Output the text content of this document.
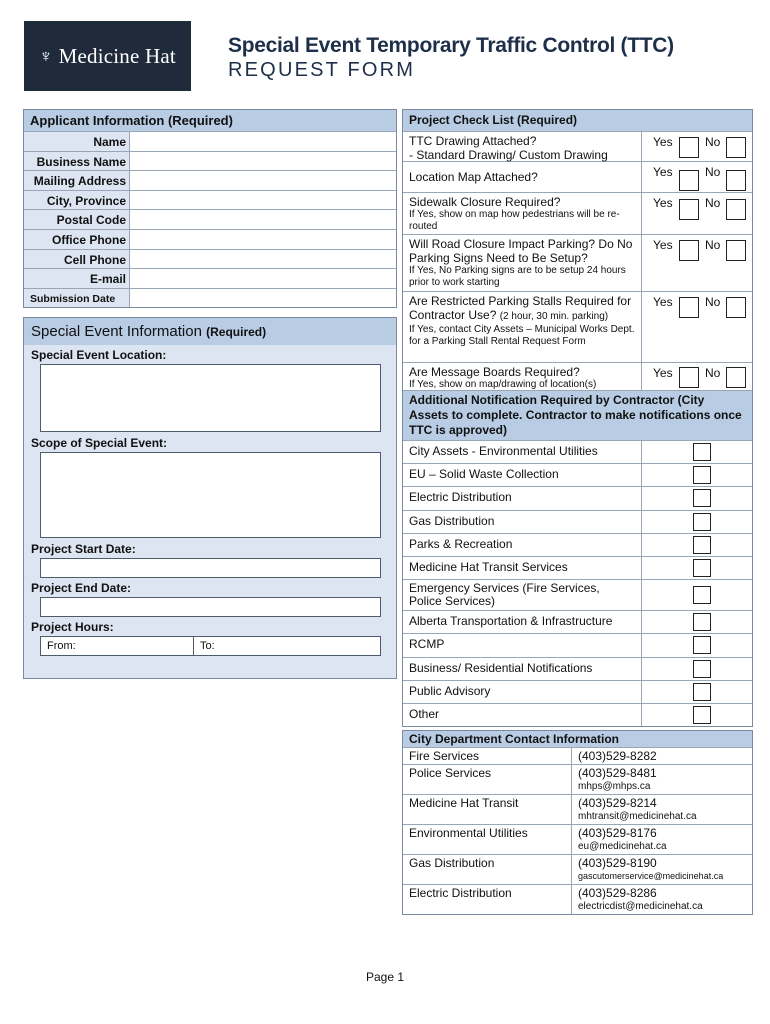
♆ Medicine Hat Special Event Temporary Traffic Control (TTC)
REQUEST FORM
Applicant Information (Required)
Name
Business Name
Mailing Address
City, Province
Postal Code
Office Phone
Cell Phone
E-mail
Submission Date
Special Event Information (Required)
Special Event Location:
Scope of Special Event:
Project Start Date:
Project End Date:
Project Hours:
From:	To:
Project Check List (Required)
TTC Drawing Attached?
- Standard Drawing/ Custom Drawing
Yes	No
Location Map Attached?	Yes	No
Sidewalk Closure Required?
If Yes, show on map how pedestrians will be re-routed
Yes	No
Will Road Closure Impact Parking? Do No Parking Signs Need to Be Setup?
If Yes, No Parking signs are to be setup 24 hours prior to work starting
Yes	No
Are Restricted Parking Stalls Required for Contractor Use? (2 hour, 30 min. parking)
If Yes, contact City Assets – Municipal Works Dept. for a Parking Stall Rental Request Form
Yes	No
Are Message Boards Required?
If Yes, show on map/drawing of location(s)
Yes	No
Additional Notification Required by Contractor (City Assets to complete. Contractor to make notifications once TTC is approved)
City Assets - Environmental Utilities
EU – Solid Waste Collection
Electric Distribution
Gas Distribution
Parks & Recreation
Medicine Hat Transit Services
Emergency Services (Fire Services, Police Services)
Alberta Transportation & Infrastructure
RCMP
Business/ Residential Notifications
Public Advisory
Other
City Department Contact Information
Fire Services	(403)529-8282
Police Services	(403)529-8481
mhps@mhps.ca
Medicine Hat Transit	(403)529-8214
mhtransit@medicinehat.ca
Environmental Utilities	(403)529-8176
eu@medicinehat.ca
Gas Distribution	(403)529-8190
gascutomerservice@medicinehat.ca
Electric Distribution	(403)529-8286
electricdist@medicinehat.ca
Page 1
